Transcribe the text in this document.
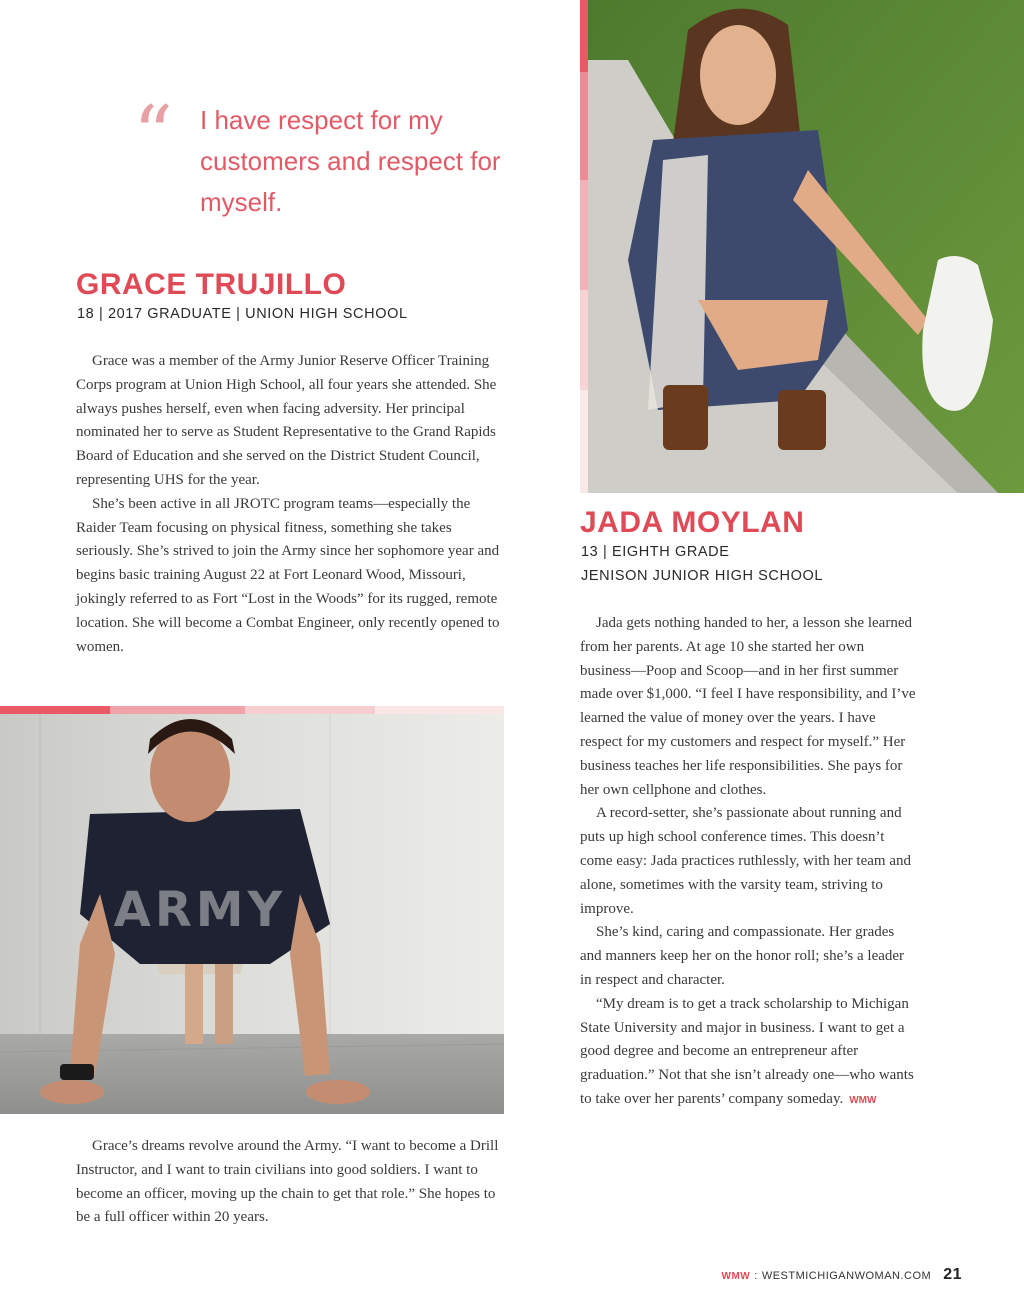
“ I have respect for my customers and respect for myself.
GRACE TRUJILLO
18 | 2017 GRADUATE | UNION HIGH SCHOOL

Grace was a member of the Army Junior Reserve Officer Training Corps program at Union High School, all four years she attended. She always pushes herself, even when facing adversity. Her principal nominated her to serve as Student Representative to the Grand Rapids Board of Education and she served on the District Student Council, representing UHS for the year.

She’s been active in all JROTC program teams—especially the Raider Team focusing on physical fitness, something she takes seriously. She’s strived to join the Army since her sophomore year and begins basic training August 22 at Fort Leonard Wood, Missouri, jokingly referred to as Fort “Lost in the Woods” for its rugged, remote location. She will become a Combat Engineer, only recently opened to women.

ARMY

Grace’s dreams revolve around the Army. “I want to become a Drill Instructor, and I want to train civilians into good soldiers. I want to become an officer, moving up the chain to get that role.” She hopes to be a full officer within 20 years.

JADA MOYLAN
13 | EIGHTH GRADE
JENISON JUNIOR HIGH SCHOOL

Jada gets nothing handed to her, a lesson she learned from her parents. At age 10 she started her own business—Poop and Scoop—and in her first summer made over $1,000. “I feel I have responsibility, and I’ve learned the value of money over the years. I have respect for my customers and respect for myself.” Her business teaches her life responsibilities. She pays for her own cellphone and clothes.

A record-setter, she’s passionate about running and puts up high school conference times. This doesn’t come easy: Jada practices ruthlessly, with her team and alone, sometimes with the varsity team, striving to improve.

She’s kind, caring and compassionate. Her grades and manners keep her on the honor roll; she’s a leader in respect and character.

“My dream is to get a track scholarship to Michigan State University and major in business. I want to get a good degree and become an entrepreneur after graduation.” Not that she isn’t already one—who wants to take over her parents’ company someday. WMW

WMW : WESTMICHIGANWOMAN.COM 21
